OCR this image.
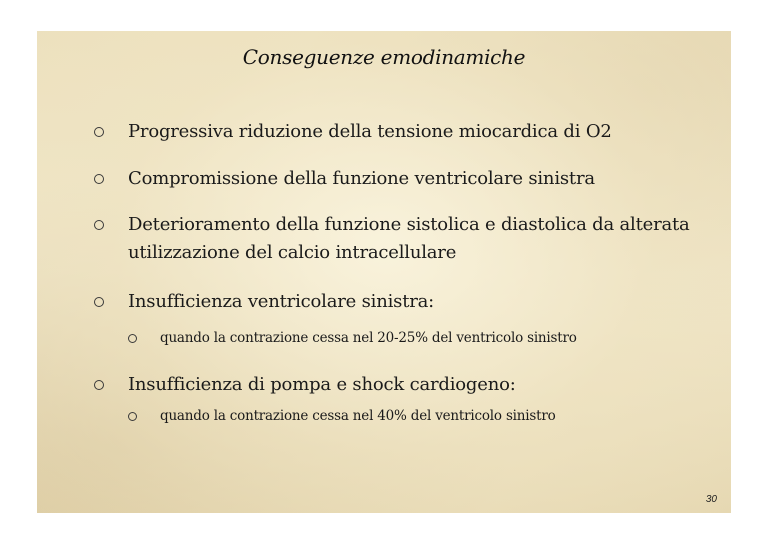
Conseguenze emodinamiche
Progressiva riduzione della tensione miocardica di O2
Compromissione della funzione ventricolare sinistra
Deterioramento della funzione sistolica e diastolica da alterata utilizzazione del calcio intracellulare
Insufficienza ventricolare sinistra:
quando la contrazione cessa nel 20-25% del ventricolo sinistro
Insufficienza di pompa e shock cardiogeno:
quando la contrazione cessa nel 40% del ventricolo sinistro
30
